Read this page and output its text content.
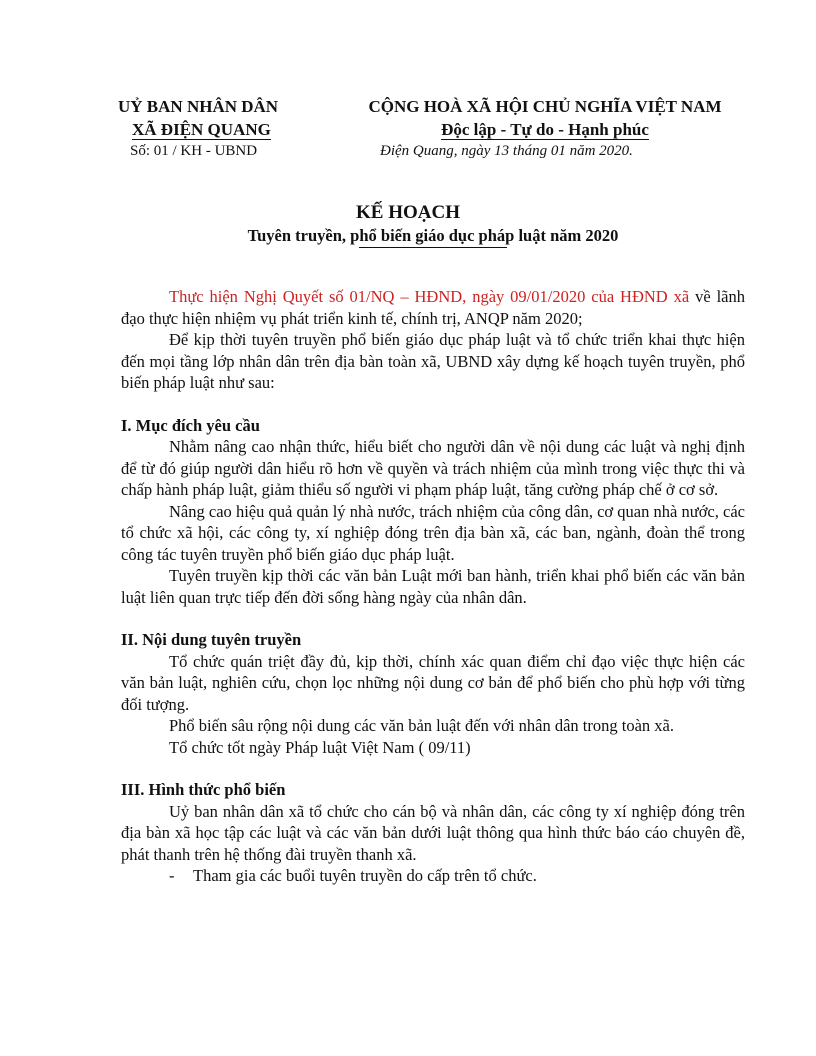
UỶ BAN NHÂN DÂN
XÃ ĐIỆN QUANG
Số: 01 / KH - UBND
CỘNG HOÀ XÃ HỘI CHỦ NGHĨA VIỆT NAM
Độc lập - Tự do - Hạnh phúc
Điện Quang, ngày 13 tháng 01 năm 2020.
KẾ HOẠCH
Tuyên truyền, phổ biến giáo dục pháp luật năm 2020

Thực hiện Nghị Quyết số 01/NQ – HĐND, ngày 09/01/2020 của HĐND xã về lãnh đạo thực hiện nhiệm vụ phát triển kinh tế, chính trị, ANQP năm 2020;

Để kịp thời tuyên truyền phổ biến giáo dục pháp luật và tổ chức triển khai thực hiện đến mọi tầng lớp nhân dân trên địa bàn toàn xã, UBND xây dựng kế hoạch tuyên truyền, phổ biến pháp luật như sau:

I. Mục đích yêu cầu

Nhằm nâng cao nhận thức, hiểu biết cho người dân về nội dung các luật và nghị định để từ đó giúp người dân hiểu rõ hơn về quyền và trách nhiệm của mình trong việc thực thi và chấp hành pháp luật, giảm thiểu số người vi phạm pháp luật, tăng cường pháp chế ở cơ sở.

Nâng cao hiệu quả quản lý nhà nước, trách nhiệm của công dân, cơ quan nhà nước, các tổ chức xã hội, các công ty, xí nghiệp đóng trên địa bàn xã, các ban, ngành, đoàn thể trong công tác tuyên truyền phổ biến giáo dục pháp luật.

Tuyên truyền kịp thời các văn bản Luật mới ban hành, triển khai phổ biến các văn bản luật liên quan trực tiếp đến đời sống hàng ngày của nhân dân.

II. Nội dung tuyên truyền

Tổ chức quán triệt đầy đủ, kịp thời, chính xác quan điểm chỉ đạo việc thực hiện các văn bản luật, nghiên cứu, chọn lọc những nội dung cơ bản để phổ biến cho phù hợp với từng đối tượng.

Phổ biến sâu rộng nội dung các văn bản luật đến với nhân dân trong toàn xã.

Tổ chức tốt ngày Pháp luật Việt Nam ( 09/11)

III. Hình thức phổ biến

Uỷ ban nhân dân xã tổ chức cho cán bộ và nhân dân, các công ty xí nghiệp đóng trên địa bàn xã học tập các luật và các văn bản dưới luật thông qua hình thức báo cáo chuyên đề, phát thanh trên hệ thống đài truyền thanh xã.

- Tham gia các buổi tuyên truyền do cấp trên tổ chức.
